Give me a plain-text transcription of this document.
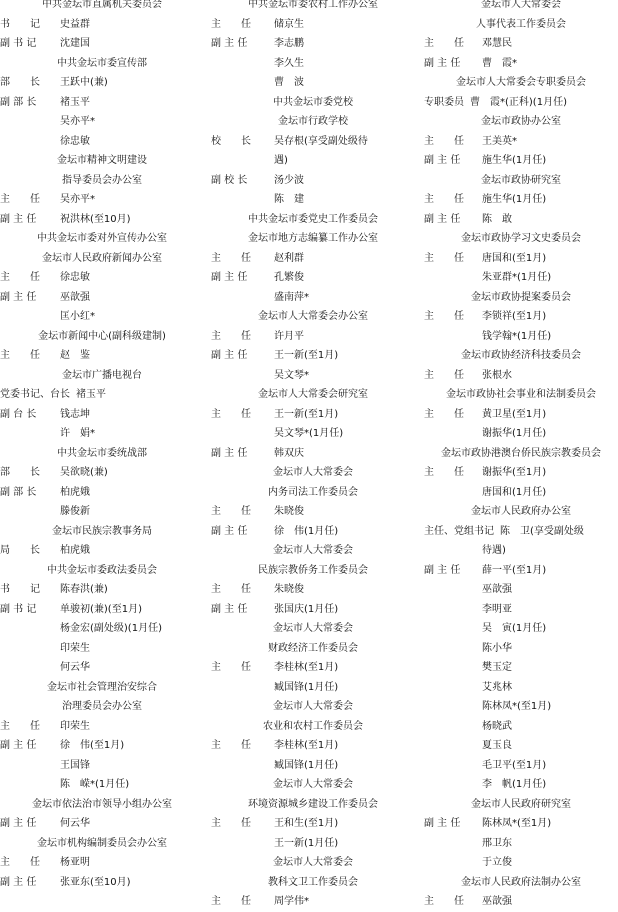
中共金坛市直属机关委员会
书　　记 史益群
副 书 记 沈建国
中共金坛市委宣传部
部　　长 王跃中(兼)
副 部 长 褚玉平
吴亦平*
徐忠敏
金坛市精神文明建设
指导委员会办公室
主　　任 吴亦平*
副 主 任 祝洪林(至10月)
中共金坛市委对外宣传办公室
金坛市人民政府新闻办公室
主　　任 徐忠敏
副 主 任 巫歆强
匡小红*
金坛市新闻中心(副科级建制)
主　　任 赵　鉴
金坛市广播电视台
党委书记、台长 褚玉平
副 台 长 钱志坤
许　娟*
中共金坛市委统战部
部　　长 吴欲晓(兼)
副 部 长 柏虎娥
滕俊新
金坛市民族宗教事务局
局　　长 柏虎娥
中共金坛市委政法委员会
书　　记 陈春洪(兼)
副 书 记 单骏初(兼)(至1月)
杨金宏(副处级)(1月任)
印荣生
何云华
金坛市社会管理治安综合
治理委员会办公室
主　　任 印荣生
副 主 任 徐　伟(至1月)
王国锋
陈　嵘*(1月任)
金坛市依法治市领导小组办公室
副 主 任 何云华
金坛市机构编制委员会办公室
主　　任 杨亚明
副 主 任 张亚东(至10月)
中共金坛市委农村工作办公室
主　　任 储京生
副 主 任	李志鹏
李久生
曹　波
中共金坛市委党校
金坛市行政学校
校　　长 吴存根(享受副处级待
遇)
副 校 长	汤少波
陈　建
中共金坛市委党史工作委员会
金坛市地方志编纂工作办公室
主　　任 赵利群
副 主 任	孔繁俊
盛南萍*
金坛市人大常委会办公室
主　　任 许月平
副 主 任	王一新(至1月)
吴文琴*
金坛市人大常委会研究室
主　　任 王一新(至1月)
吴文琴*(1月任)
副 主 任	韩双庆
金坛市人大常委会
内务司法工作委员会
主　　任 朱晓俊
副 主 任	徐　伟(1月任)
金坛市人大常委会
民族宗教侨务工作委员会
主　　任 朱晓俊
副 主 任	张国庆(1月任)
金坛市人大常委会
财政经济工作委员会
主　　任 李桂林(至1月)
臧国锋(1月任)
金坛市人大常委会
农业和农村工作委员会
主　　任 李桂林(至1月)
臧国锋(1月任)
金坛市人大常委会
环境资源城乡建设工作委员会
主　　任 王和生(至1月)
王一新(1月任)
金坛市人大常委会
教科文卫工作委员会
主　　任 周学伟*
金坛市人大常委会
人事代表工作委员会
主　　任 邓慧民
副 主 任 曹　霞*
金坛市人大常委会专职委员会
专职委员 曹　霞*(正科)(1月任)
金坛市政协办公室
主　　任 王美英*
副 主 任 施生华(1月任)
金坛市政协研究室
主　　任 施生华(1月任)
副 主 任 陈　敢
金坛市政协学习文史委员会
主　　任 唐国和(至1月)
朱亚群*(1月任)
金坛市政协提案委员会
主　　任 李锁祥(至1月)
钱学翰*(1月任)
金坛市政协经济科技委员会
主　　任 张根水
金坛市政协社会事业和法制委员会
主　　任 黄卫星(至1月)
谢振华(1月任)
金坛市政协港澳台侨民族宗教委员会
主　　任 谢振华(至1月)
唐国和(1月任)
金坛市人民政府办公室
主任、党组书记 陈　卫(享受副处级
待遇)
副 主 任 薛一平(至1月)
巫歆强
李明亚
吴　寅(1月任)
陈小华
樊玉定
艾兆林
陈林凤*(至1月)
杨晓武
夏玉良
毛卫平(至1月)
李　帆(1月任)
金坛市人民政府研究室
副 主 任 陈林凤*(至1月)
邢卫东
于立俊
金坛市人民政府法制办公室
主　　任 巫歆强
